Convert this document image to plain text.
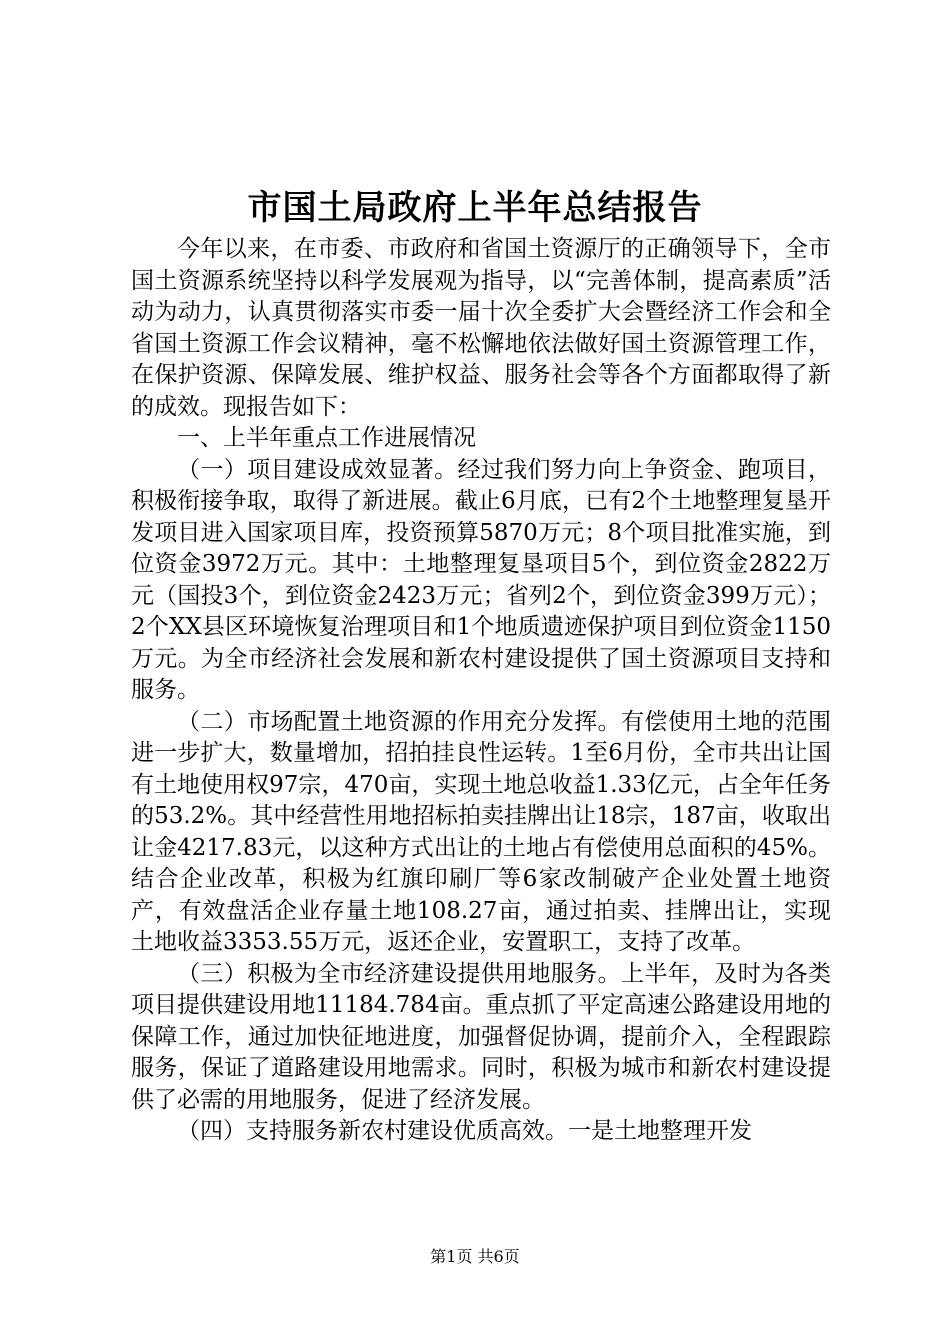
市国土局政府上半年总结报告

今年以来，在市委、市政府和省国土资源厅的正确领导下，全市国土资源系统坚持以科学发展观为指导，以“完善体制，提高素质”活动为动力，认真贯彻落实市委一届十次全委扩大会暨经济工作会和全省国土资源工作会议精神，毫不松懈地依法做好国土资源管理工作，在保护资源、保障发展、维护权益、服务社会等各个方面都取得了新的成效。现报告如下：

一、上半年重点工作进展情况

（一）项目建设成效显著。经过我们努力向上争资金、跑项目，积极衔接争取，取得了新进展。截止6月底，已有2个土地整理复垦开发项目进入国家项目库，投资预算5870万元；8个项目批准实施，到位资金3972万元。其中：土地整理复垦项目5个，到位资金2822万元（国投3个，到位资金2423万元；省列2个，到位资金399万元）；2个XX县区环境恢复治理项目和1个地质遗迹保护项目到位资金1150万元。为全市经济社会发展和新农村建设提供了国土资源项目支持和服务。

（二）市场配置土地资源的作用充分发挥。有偿使用土地的范围进一步扩大，数量增加，招拍挂良性运转。1至6月份，全市共出让国有土地使用权97宗，470亩，实现土地总收益1.33亿元，占全年任务的53.2%。其中经营性用地招标拍卖挂牌出让18宗，187亩，收取出让金4217.83元，以这种方式出让的土地占有偿使用总面积的45%。结合企业改革，积极为红旗印刷厂等6家改制破产企业处置土地资产，有效盘活企业存量土地108.27亩，通过拍卖、挂牌出让，实现土地收益3353.55万元，返还企业，安置职工，支持了改革。

（三）积极为全市经济建设提供用地服务。上半年，及时为各类项目提供建设用地11184.784亩。重点抓了平定高速公路建设用地的保障工作，通过加快征地进度，加强督促协调，提前介入，全程跟踪服务，保证了道路建设用地需求。同时，积极为城市和新农村建设提供了必需的用地服务，促进了经济发展。

（四）支持服务新农村建设优质高效。一是土地整理开发

第1页 共6页
